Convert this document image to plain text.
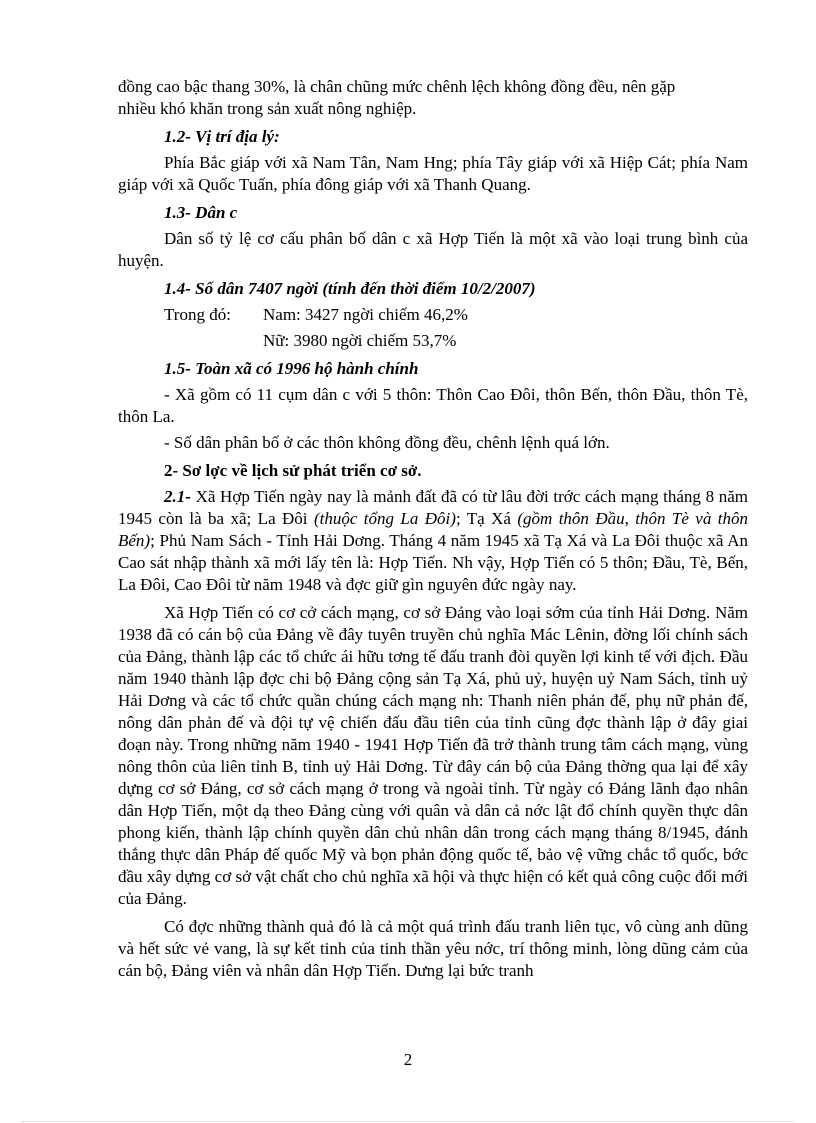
đồng cao bậc thang 30%, là chân chũng mức chênh lệch không đồng đều, nên gặp

nhiều khó khăn trong sản xuất nông nghiệp.

1.2- Vị trí địa lý:

Phía Bắc giáp với xã Nam Tân, Nam Hng; phía Tây giáp với xã Hiệp Cát; phía Nam giáp với xã Quốc Tuấn, phía đông giáp với xã Thanh Quang.

1.3- Dân c

Dân số tỷ lệ cơ cấu phân bố dân c xã Hợp Tiến là một xã vào loại trung bình của huyện.

1.4- Số dân 7407 ngời (tính đến thời điểm 10/2/2007)

Trong đó: Nam: 3427 ngời chiếm 46,2%
Nữ: 3980 ngời chiếm 53,7%

1.5- Toàn xã có 1996 hộ hành chính

- Xã gồm có 11 cụm dân c với 5 thôn: Thôn Cao Đôi, thôn Bến, thôn Đầu, thôn Tè, thôn La.

- Số dân phân bố ở các thôn không đồng đều, chênh lệnh quá lớn.

2- Sơ lợc về lịch sử phát triển cơ sở.

2.1- Xã Hợp Tiến ngày nay là mảnh đất đã có từ lâu đời trớc cách mạng tháng 8 năm 1945 còn là ba xã; La Đôi (thuộc tổng La Đôi); Tạ Xá (gồm thôn Đầu, thôn Tè và thôn Bến); Phủ Nam Sách - Tỉnh Hải Dơng. Tháng 4 năm 1945 xã Tạ Xá và La Đôi thuộc xã An Cao sát nhập thành xã mới lấy tên là: Hợp Tiến. Nh vậy, Hợp Tiến có 5 thôn; Đầu, Tè, Bến, La Đôi, Cao Đôi từ năm 1948 và đợc giữ gìn nguyên đức ngày nay.

Xã Hợp Tiến có cơ cở cách mạng, cơ sở Đảng vào loại sớm của tỉnh Hải Dơng. Năm 1938 đã có cán bộ của Đảng về đây tuyên truyền chủ nghĩa Mác Lênin, đờng lối chính sách của Đảng, thành lập các tổ chức ái hữu tơng tế đấu tranh đòi quyền lợi kinh tế với địch. Đầu năm 1940 thành lập đợc chi bộ Đảng cộng sản Tạ Xá, phủ uỷ, huyện uỷ Nam Sách, tỉnh uỷ Hải Dơng và các tổ chức quần chúng cách mạng nh: Thanh niên phản đế, phụ nữ phản đế, nông dân phản đế và đội tự vệ chiến đấu đầu tiên của tỉnh cũng đợc thành lập ở đây giai đoạn này. Trong những năm 1940 - 1941 Hợp Tiến đã trở thành trung tâm cách mạng, vùng nông thôn của liên tỉnh B, tỉnh uỷ Hải Dơng. Từ đây cán bộ của Đảng thờng qua lại để xây dựng cơ sở Đảng, cơ sở cách mạng ở trong và ngoài tỉnh. Từ ngày có Đảng lãnh đạo nhân dân Hợp Tiến, một dạ theo Đảng cùng với quân và dân cả nớc lật đổ chính quyền thực dân phong kiến, thành lập chính quyền dân chủ nhân dân trong cách mạng tháng 8/1945, đánh thắng thực dân Pháp đế quốc Mỹ và bọn phản động quốc tế, bảo vệ vững chắc tổ quốc, bớc đầu xây dựng cơ sở vật chất cho chủ nghĩa xã hội và thực hiện có kết quả công cuộc đổi mới của Đảng.

Có đợc những thành quả đó là cả một quá trình đấu tranh liên tục, vô cùng anh dũng và hết sức vẻ vang, là sự kết tinh của tinh thần yêu nớc, trí thông minh, lòng dũng cảm của cán bộ, Đảng viên và nhân dân Hợp Tiến. Dưng lại bức tranh

2
